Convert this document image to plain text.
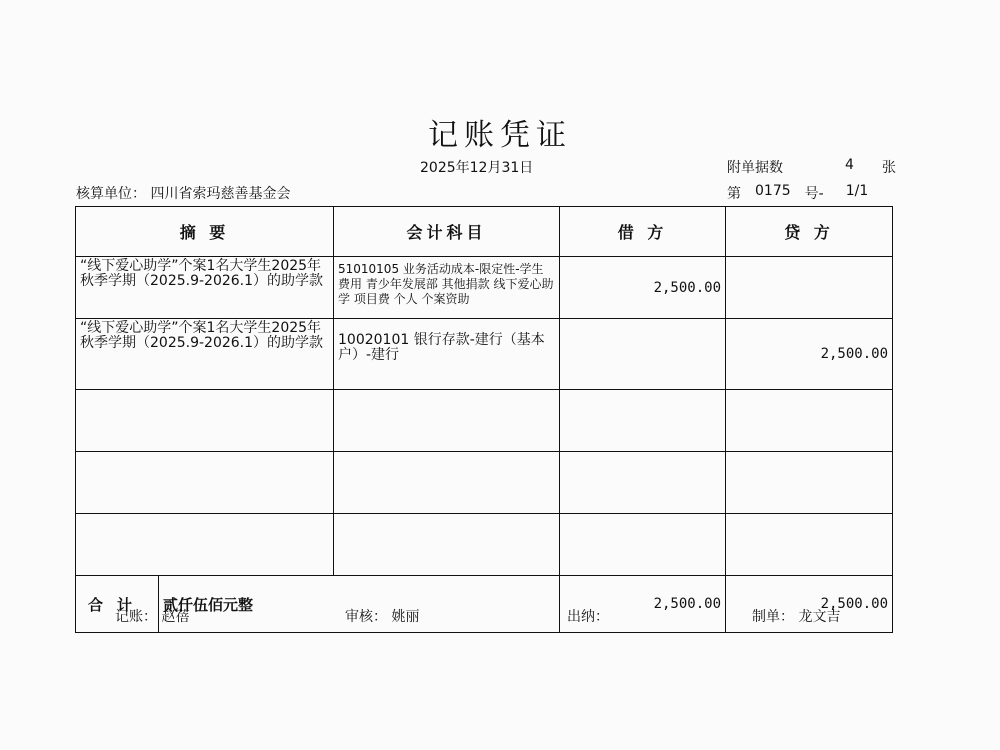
记账凭证
2025年12月31日	附单据数	4	张
核算单位： 四川省索玛慈善基金会	第 0175 号- 1/1
摘 要	会计科目	借 方	贷 方
“线下爱心助学”个案1名大学生2025年秋季学期（2025.9-2026.1）的助学款	51010105 业务活动成本-限定性-学生费用 青少年发展部 其他捐款 线下爱心助学 项目费 个人 个案资助	2,500.00	
“线下爱心助学”个案1名大学生2025年秋季学期（2025.9-2026.1）的助学款	10020101 银行存款-建行（基本户）-建行		2,500.00

合计 贰仟伍佰元整		2,500.00	2,500.00
记账： 赵蓓	审核： 姚丽	出纳：	制单： 龙文吉
